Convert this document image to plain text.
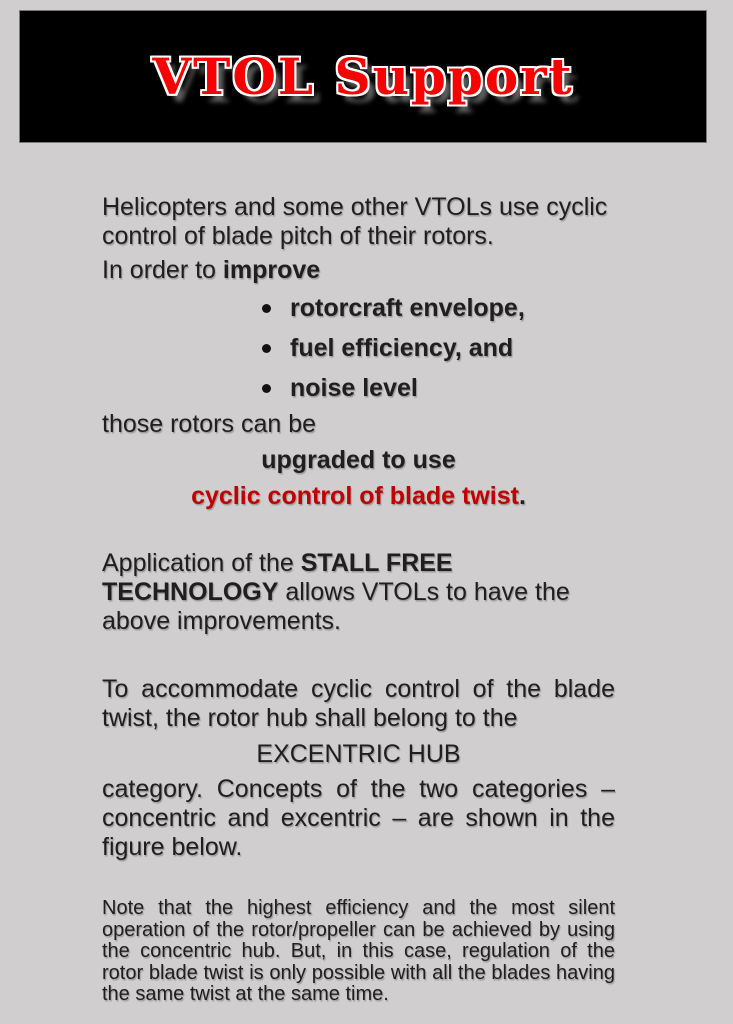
VTOL Support

Helicopters and some other VTOLs use cyclic control of blade pitch of their rotors.

In order to improve

rotorcraft envelope,
fuel efficiency, and
noise level

those rotors can be

upgraded to use

cyclic control of blade twist.

Application of the STALL FREE TECHNOLOGY allows VTOLs to have the above improvements.

To accommodate cyclic control of the blade twist, the rotor hub shall belong to the

EXCENTRIC HUB

category. Concepts of the two categories – concentric and excentric – are shown in the figure below.

Note that the highest efficiency and the most silent operation of the rotor/propeller can be achieved by using the concentric hub. But, in this case, regulation of the rotor blade twist is only possible with all the blades having the same twist at the same time.
